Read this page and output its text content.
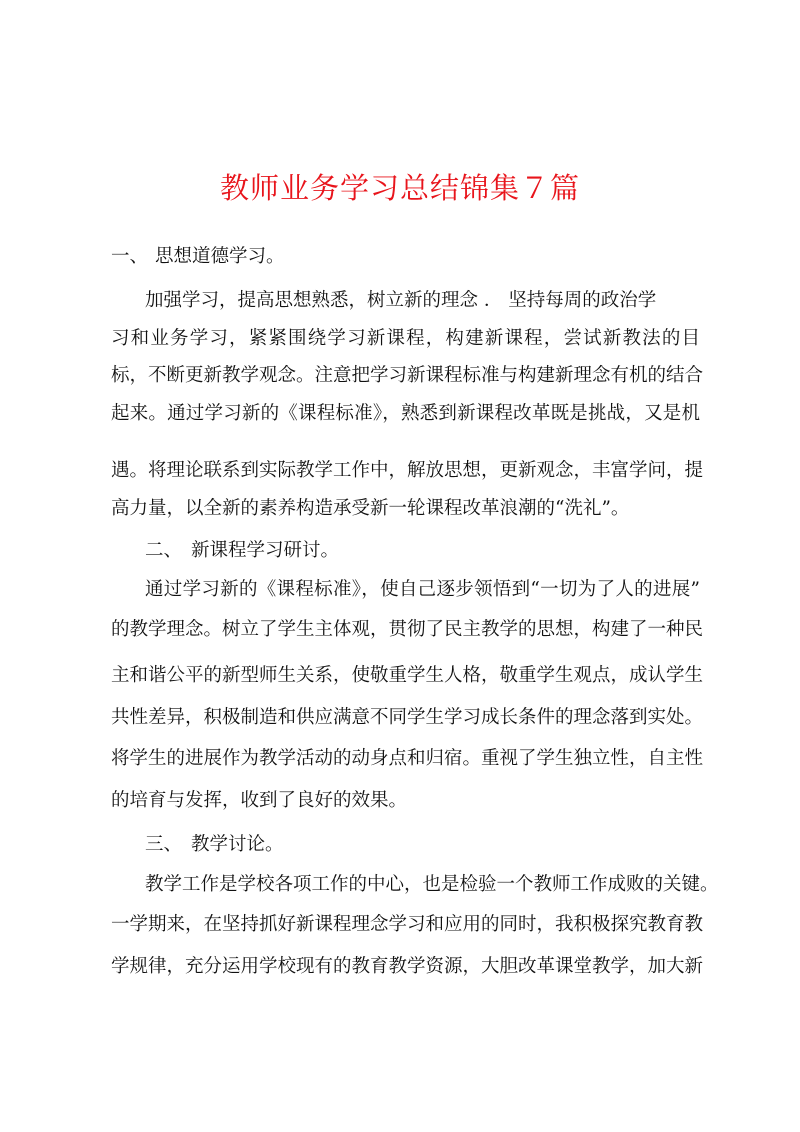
教师业务学习总结锦集７篇
一、 思想道德学习。

加强学习，提高思想熟悉，树立新的理念 ． 坚持每周的政治学

习和业务学习，紧紧围绕学习新课程，构建新课程，尝试新教法的目

标，不断更新教学观念。注意把学习新课程标准与构建新理念有机的结合

起来。通过学习新的《课程标准》，熟悉到新课程改革既是挑战，又是机

遇。将理论联系到实际教学工作中，解放思想，更新观念，丰富学问，提

高力量，以全新的素养构造承受新一轮课程改革浪潮的“洗礼”。

二、 新课程学习研讨。

通过学习新的《课程标准》，使自己逐步领悟到“一切为了人的进展”

的教学理念。树立了学生主体观，贯彻了民主教学的思想，构建了一种民

主和谐公平的新型师生关系，使敬重学生人格，敬重学生观点，成认学生

共性差异，积极制造和供应满意不同学生学习成长条件的理念落到实处。

将学生的进展作为教学活动的动身点和归宿。重视了学生独立性，自主性

的培育与发挥，收到了良好的效果。

三、 教学讨论。

教学工作是学校各项工作的中心，也是检验一个教师工作成败的关键。

一学期来，在坚持抓好新课程理念学习和应用的同时，我积极探究教育教

学规律，充分运用学校现有的教育教学资源，大胆改革课堂教学，加大新
